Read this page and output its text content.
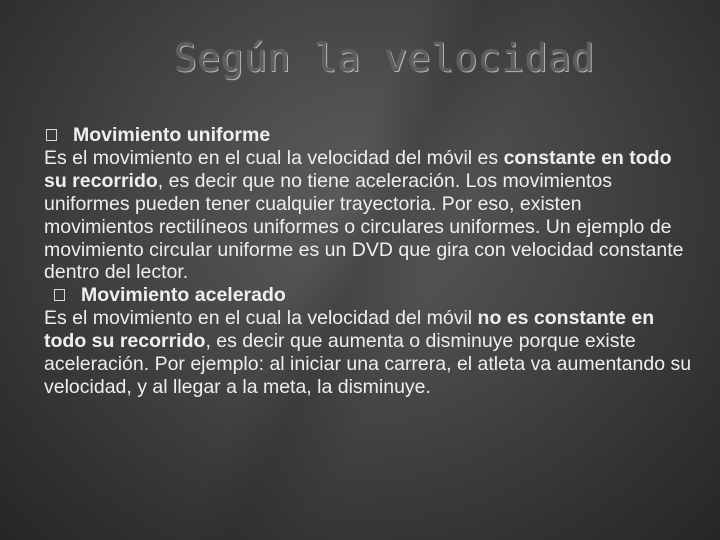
Según la velocidad
Movimiento uniforme

Es el movimiento en el cual la velocidad del móvil es constante en todo su recorrido, es decir que no tiene aceleración. Los movimientos uniformes pueden tener cualquier trayectoria. Por eso, existen movimientos rectilíneos uniformes o circulares uniformes. Un ejemplo de movimiento circular uniforme es un DVD que gira con velocidad constante dentro del lector.

Movimiento acelerado

Es el movimiento en el cual la velocidad del móvil no es constante en todo su recorrido, es decir que aumenta o disminuye porque existe aceleración. Por ejemplo: al iniciar una carrera, el atleta va aumentando su velocidad, y al llegar a la meta, la disminuye.
